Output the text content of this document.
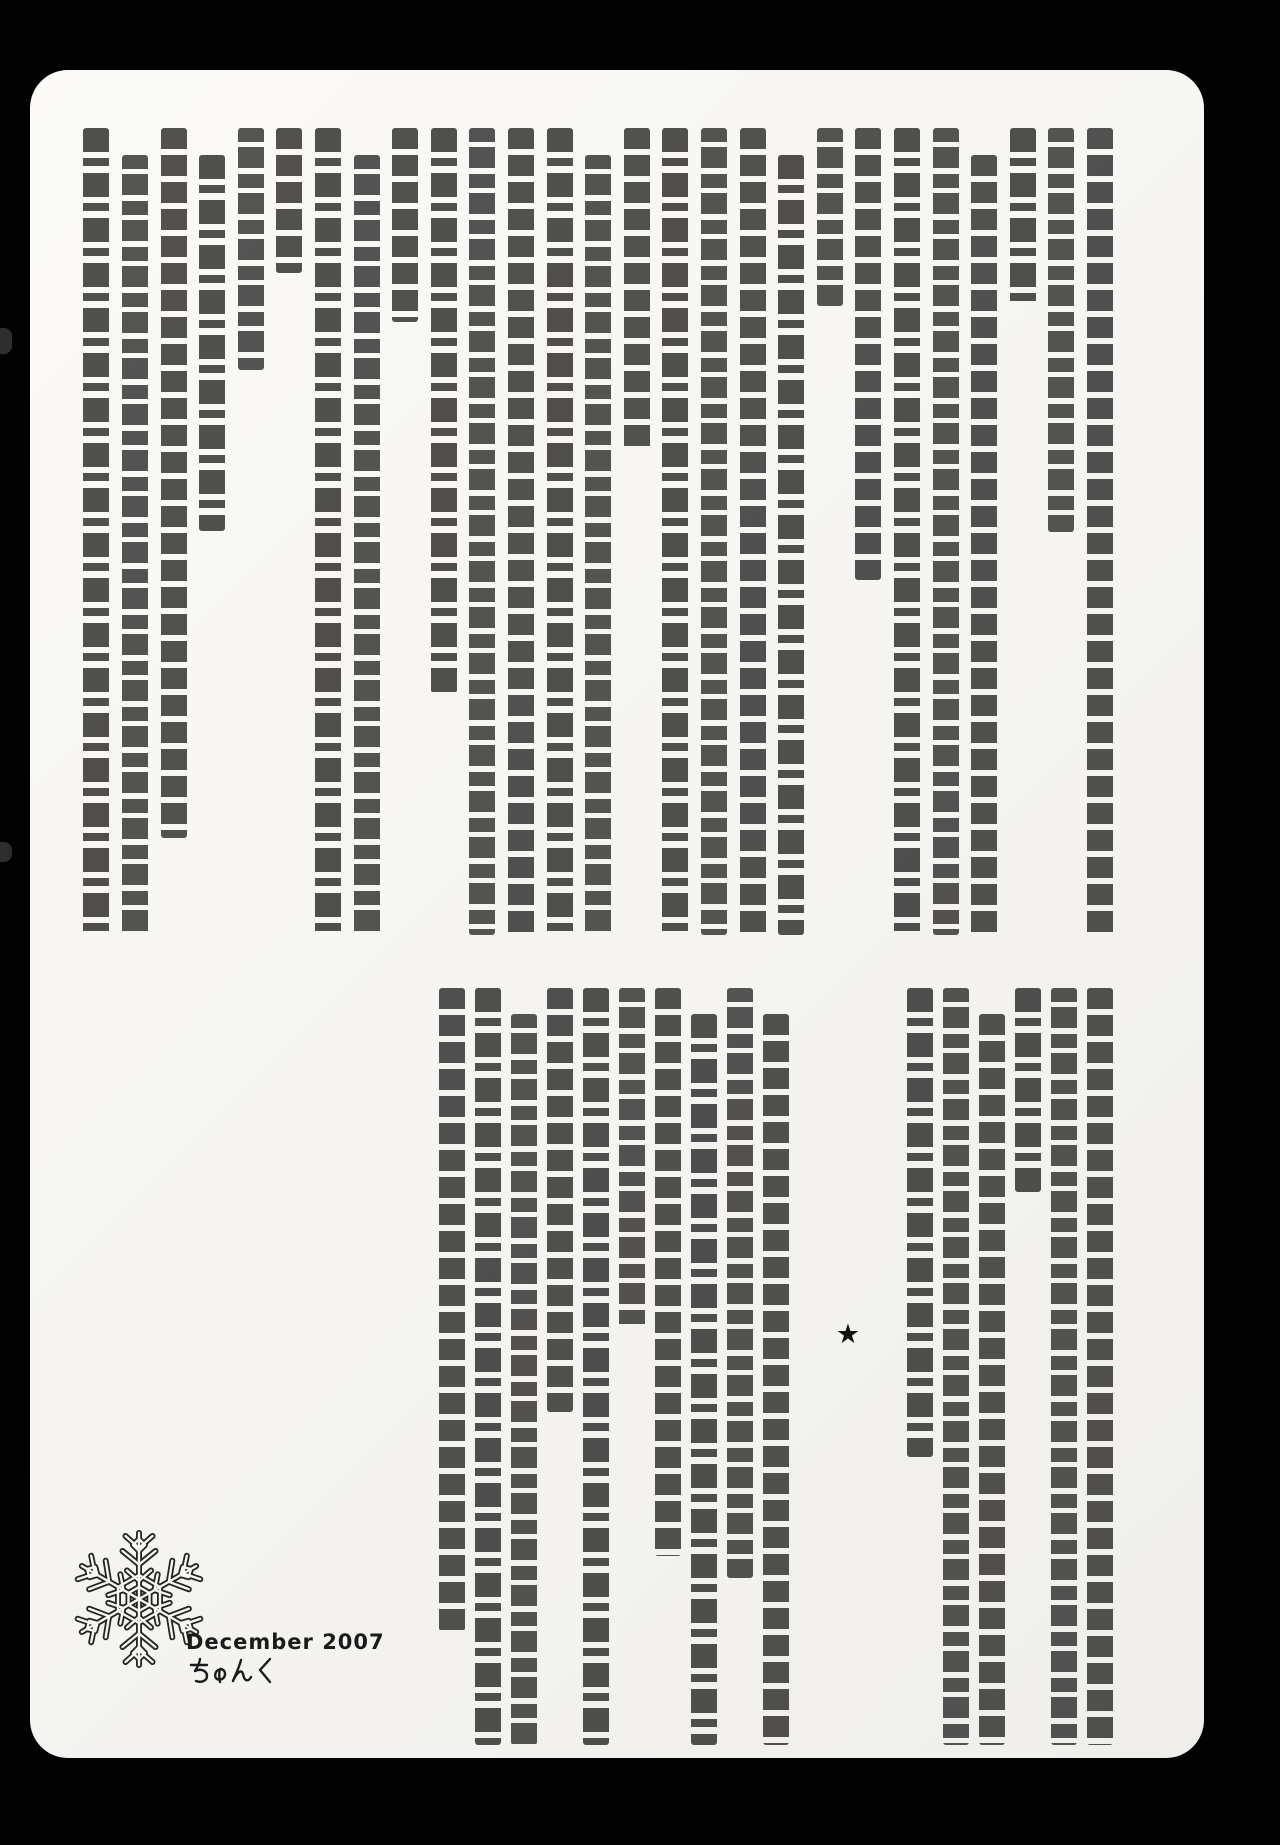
★
December 2007
